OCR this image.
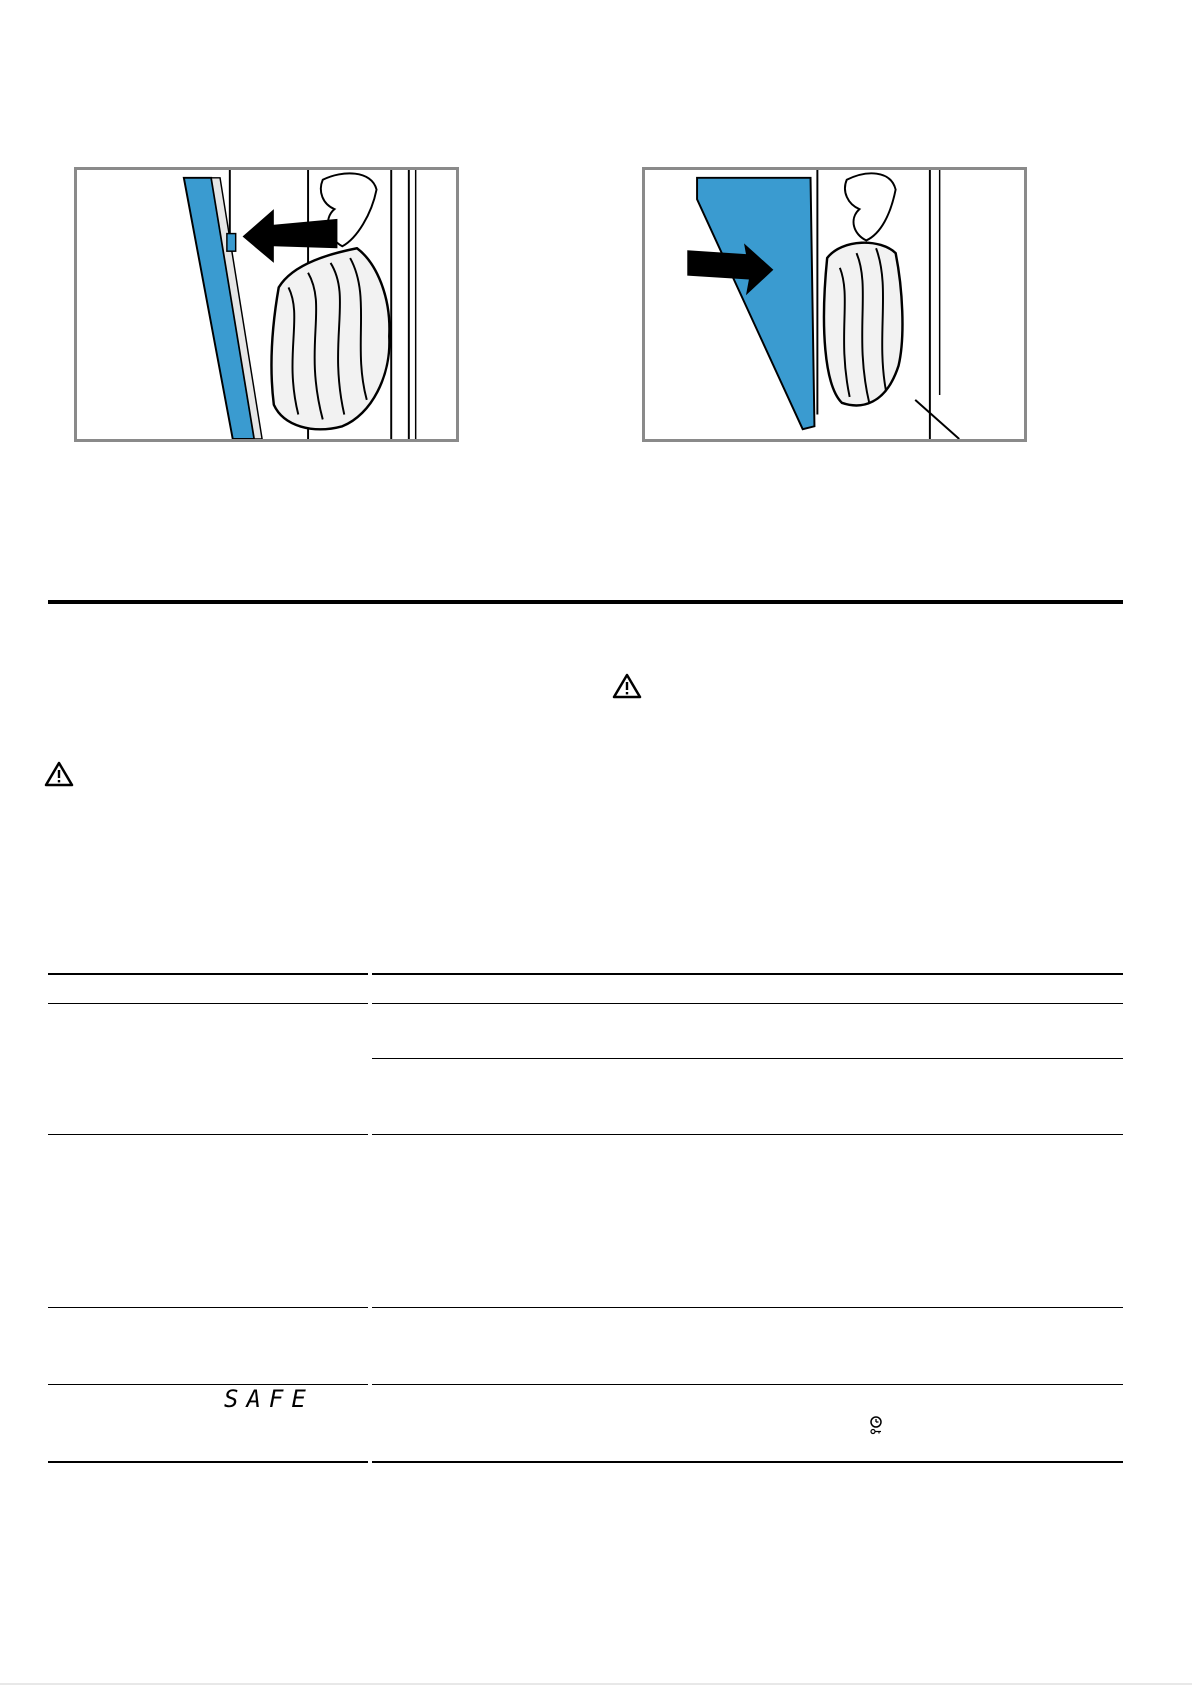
SAFE
